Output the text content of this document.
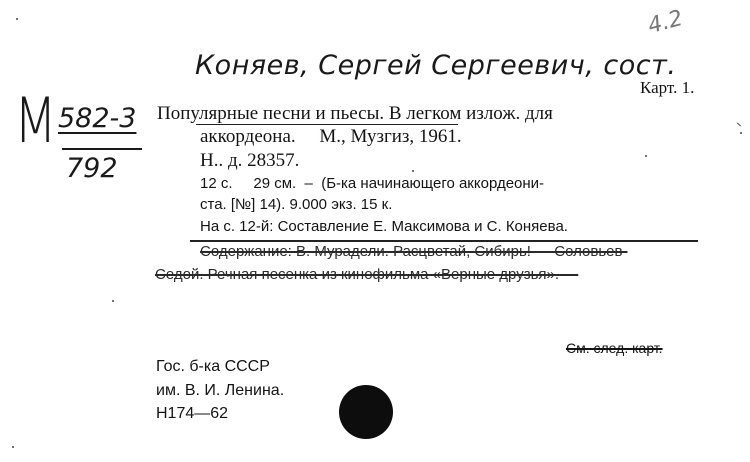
4.2
Коняев, Сергей Сергеевич, сост.
Карт. 1.
M 582-3
792
Популярные песни и пьесы. В легком излож. для
аккордеона.     М., Музгиз, 1961.
Н.. д. 28357.
12 с.     29 см.  –  (Б-ка начинающего аккордеони-
ста. [№] 14). 9.000 экз. 15 к.
На с. 12-й: Составление Е. Максимова и С. Коняева.
Содержание: В. Мурадели. Расцветай, Сибирь! — Соловьев-
Седой. Речная песенка из кинофильма «Верные друзья». —
См. след. карт.
Гос. б-ка СССР
им. В. И. Ленина.
Н174—62
